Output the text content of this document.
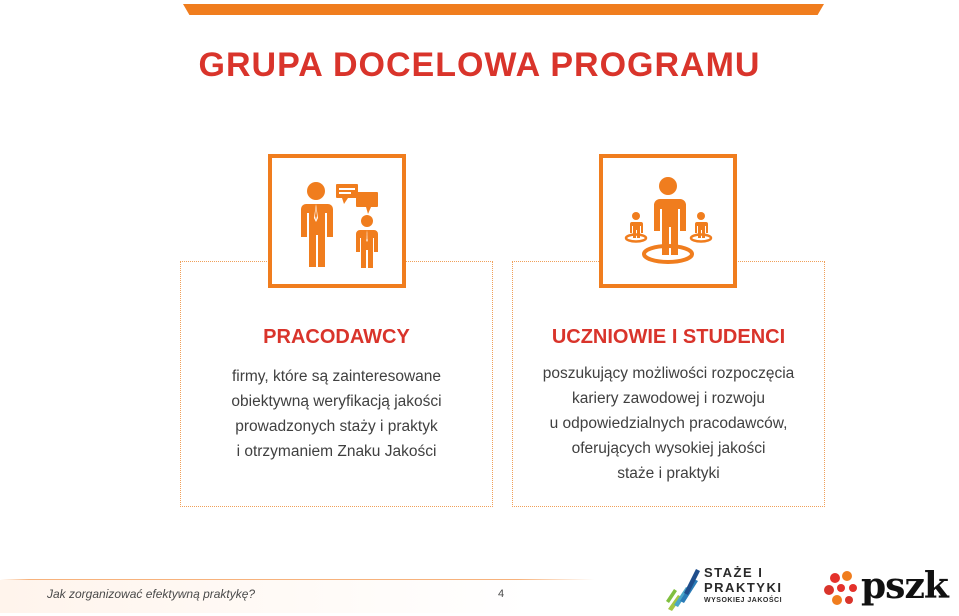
GRUPA DOCELOWA PROGRAMU
PRACODAWCY
firmy, które są zainteresowane
obiektywną weryfikacją jakości
prowadzonych staży i praktyk
i otrzymaniem Znaku Jakości
UCZNIOWIE I STUDENCI
poszukujący możliwości rozpoczęcia
kariery zawodowej i rozwoju
u odpowiedzialnych pracodawców,
oferujących wysokiej jakości
staże i praktyki
Jak zorganizować efektywną praktykę?	4
STAŻE I
PRAKTYKI
WYSOKIEJ JAKOŚCI pszk
